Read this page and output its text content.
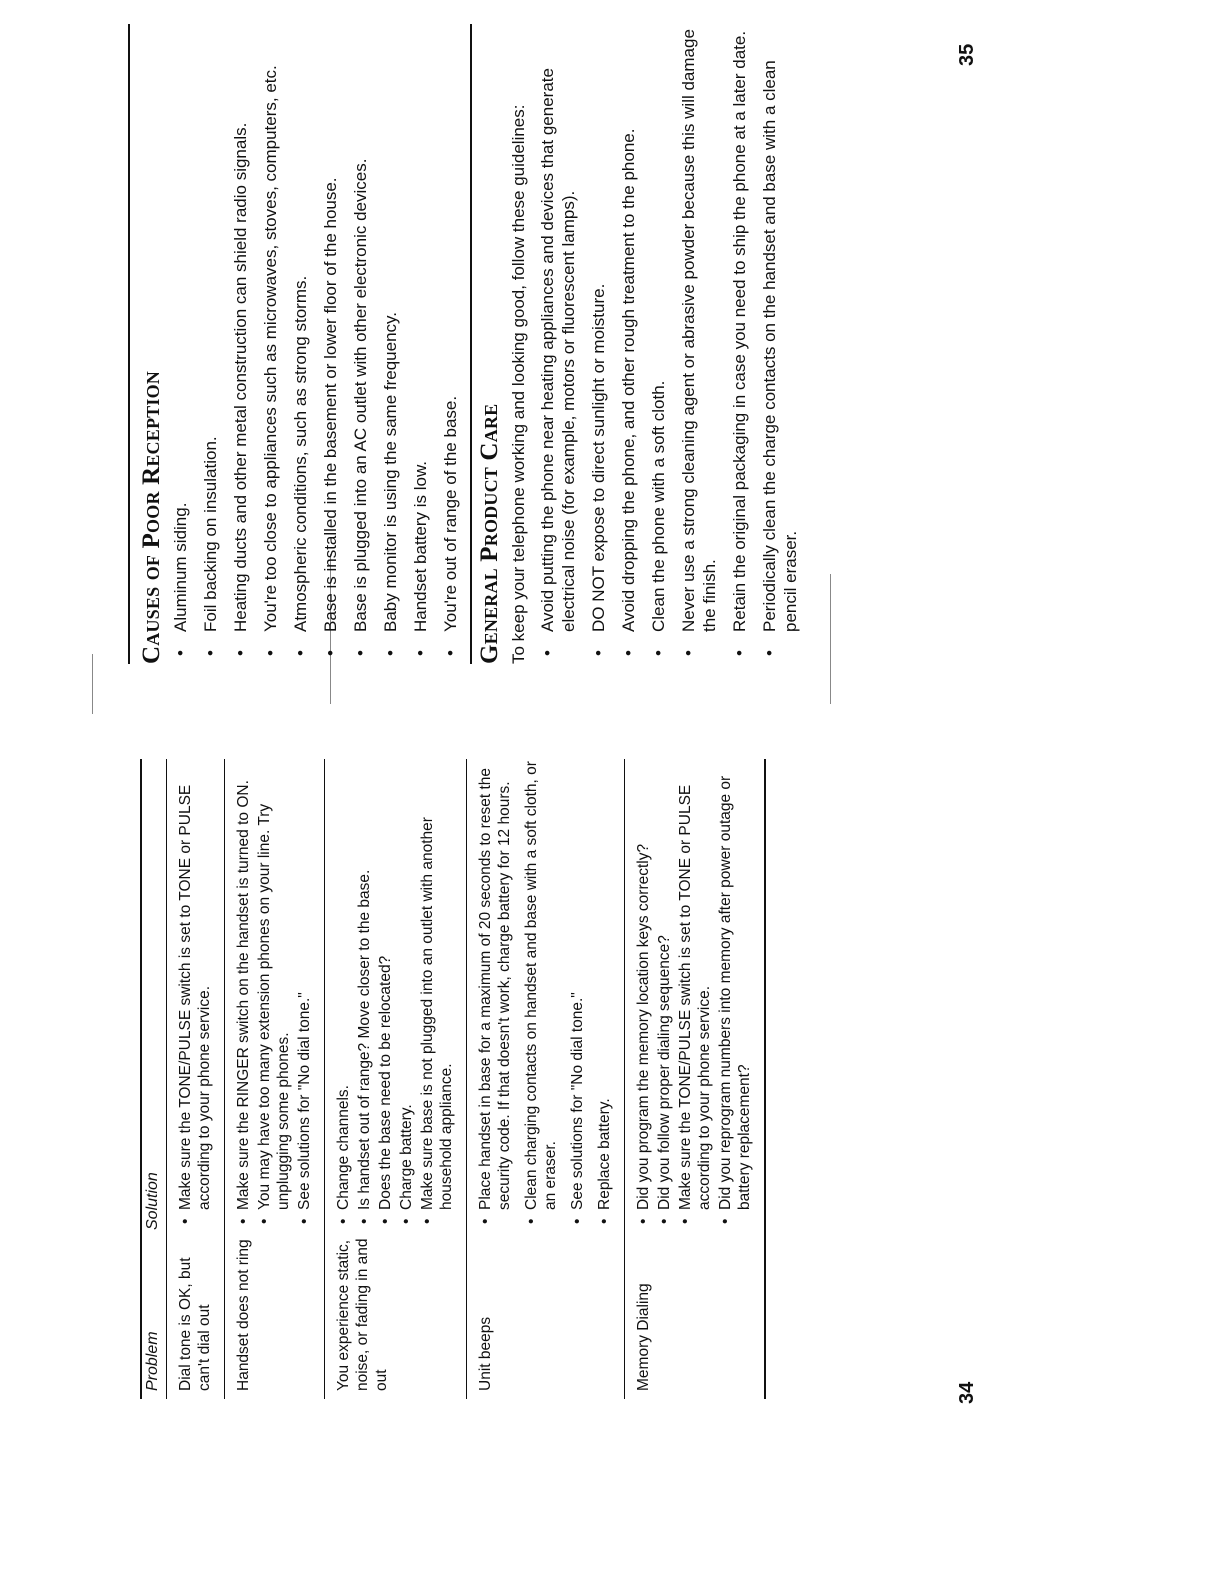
Problem
Solution
Dial tone is OK, but can't dial out
• Make sure the TONE/PULSE switch is set to TONE or PULSE according to your phone service.
Handset does not ring
• Make sure the RINGER switch on the handset is turned to ON. • You may have too many extension phones on your line. Try unplugging some phones. • See solutions for "No dial tone."
You experience static, noise, or fading in and out
• Change channels. • Is handset out of range? Move closer to the base. • Does the base need to be relocated? • Charge battery. • Make sure base is not plugged into an outlet with another household appliance.
Unit beeps
• Place handset in base for a maximum of 20 seconds to reset the security code. If that doesn't work, charge battery for 12 hours. • Clean charging contacts on handset and base with a soft cloth, or an eraser. • See solutions for "No dial tone." • Replace battery.
Memory Dialing
• Did you program the memory location keys correctly? • Did you follow proper dialing sequence? • Make sure the TONE/PULSE switch is set to TONE or PULSE according to your phone service. • Did you reprogram numbers into memory after power outage or battery replacement?
34
Causes of Poor Reception • Aluminum siding. • Foil backing on insulation. • Heating ducts and other metal construction can shield radio signals. • You're too close to appliances such as microwaves, stoves, computers, etc. • Atmospheric conditions, such as strong storms. • Base is installed in the basement or lower floor of the house. • Base is plugged into an AC outlet with other electronic devices. • Baby monitor is using the same frequency. • Handset battery is low. • You're out of range of the base. General Product Care To keep your telephone working and looking good, follow these guidelines: • Avoid putting the phone near heating appliances and devices that generate electrical noise (for example, motors or fluorescent lamps). • DO NOT expose to direct sunlight or moisture. • Avoid dropping the phone, and other rough treatment to the phone. • Clean the phone with a soft cloth. • Never use a strong cleaning agent or abrasive powder because this will damage the finish. • Retain the original packaging in case you need to ship the phone at a later date. • Periodically clean the charge contacts on the handset and base with a clean pencil eraser.
35
